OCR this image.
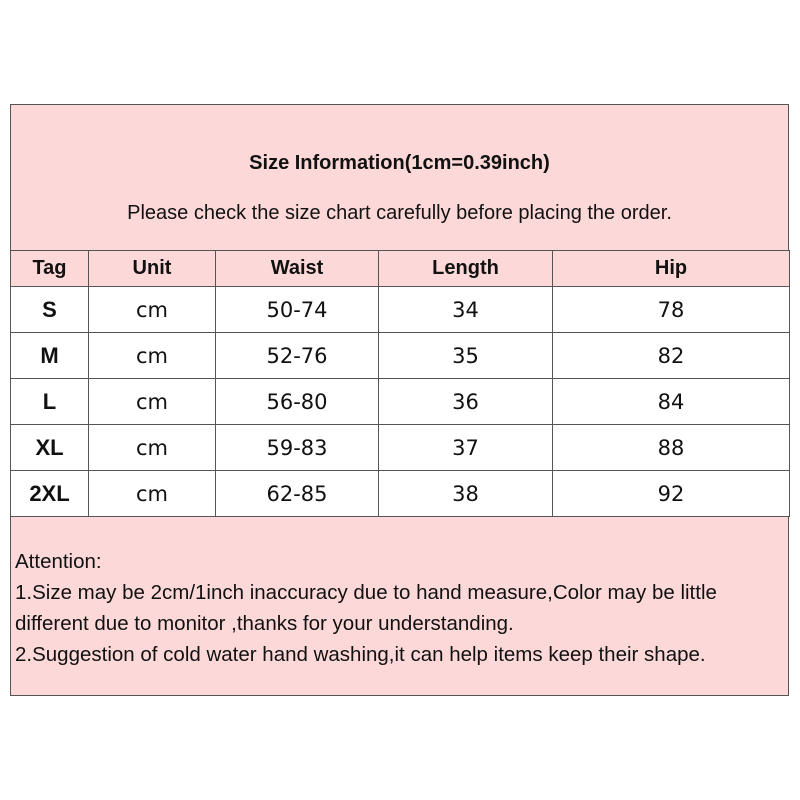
Size Information(1cm=0.39inch)
Please check the size chart carefully before placing the order.
Tag	Unit	Waist	Length	Hip
S	cm	50-74	34	78
M	cm	52-76	35	82
L	cm	56-80	36	84
XL	cm	59-83	37	88
2XL	cm	62-85	38	92
Attention:
1.Size may be 2cm/1inch inaccuracy due to hand measure,Color may be little different due to monitor ,thanks for your understanding.
2.Suggestion of cold water hand washing,it can help items keep their shape.
